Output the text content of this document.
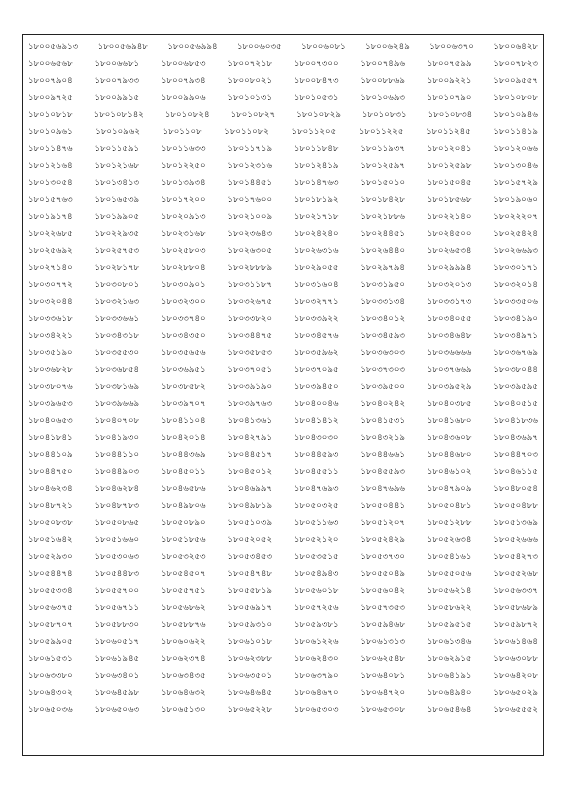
১৮০০৫৬৯১৩ ১৮০০৫৬৯৪৮ ১৮০০৫৬৯৯৪ ১৮০০৬০৩৫ ১৮০০৬০৮১ ১৮০০৬২৪৯ ১৮০০৬৩৭০ ১৮০০৬৪২৮
১৮০০৬৫৬৮	১৮০০৬৬৮১	১৮০০৬৮৫৩	১৮০০৭২১৮	১৮০০৭৩০০	১৮০০৭৪৯৬	১৮০০৭৫৯৯	১৮০০৭৮২৩
১৮০০৭৯০৪	১৮০০৭৯৩৩	১৮০০৭৯৩৪	১৮০০৮০২১	১৮০০৮৪৭৩	১৮০০৮৮৬৯	১৮০০৯২২১	১৮০০৯৫৫৭
১৮০০৯৭২৫	১৮০০৯৯১৫	১৮০০৯৯০৬	১৮০১০১৩১	১৮০১০৫৩১	১৮০১০৬৯৩	১৮০১০৭৯০	১৮০১০৮০৮
১৮০১০৮১৮ ১৮০১০৮১৪২ ১৮০১০৮২৪ ১৮০১০৮২৭ ১৮০১০৮২৯ ১৮০১০৮৩১ ১৮০১০৮৩৪ ১৮০১০৯৪৬
১৮০১০৯৬১	১৮০১০৯৬২	১৮০১১০৮	১৮০১১০৮২	১৮০১১২০৫	১৮০১১২২৫	১৮০১১২৪৫	১৮০১১৪১৯
১৮০১১৪৭৬	১৮০১১৫৯১	১৮০১১৬৩৩	১৮০১১৭১৯	১৮০১১৮৪৮	১৮০১১৯৩৭	১৮০১২০৪১	১৮০১২০৬৬
১৮০১২১৬৪	১৮০১২১৬৮	১৮০১২২৫০	১৮০১২৩১৬	১৮০১২৪১৯	১৮০১২৫৯৭	১৮০১২৫৯৮	১৮০১৩০৪৬
১৮০১৩০৫৪	১৮০১৩৪১৩	১৮০১৩৯৩৪	১৮০১৪৪৫১	১৮০১৪৭৬৩	১৮০১৫০১০	১৮০১৫০৪৫	১৮০১৫৭২৯
১৮০১৫৭৬৩	১৮০১৬৫৩৯	১৮০১৭২০০	১৮০১৭৬০০	১৮০১৮১৯২	১৮০১৮৪২৮	১৮০১৮৫৬৮	১৮০১৯০৬০
১৮০১৯১৭৪	১৮০১৯৯০৫	১৮০২০৯১৩	১৮০২১০০৯	১৮০২১৭১৮	১৮০২১৮৮৬	১৮০২২১৪০	১৮০২২২০৭
১৮০২২৬৮৫	১৮০২২৯৩৫	১৮০২৩১৬৮	১৮০২৩৬৪৩	১৮০২৪২৪০	১৮০২৪৪৫১	১৮০২৪৫০০	১৮০২৫৪২৪
১৮০২৫৬৯২	১৮০২৫৭৫৩	১৮০২৫৮০৩	১৮০২৬৩০৫	১৮০২৬৩১৬	১৮০২৬৪৪০	১৮০২৬৫৩৪	১৮০২৬৬৯৩
১৮০২৭১৪০	১৮০২৮১৭৮	১৮০২৮৮০৪	১৮০২৮৮৮৯	১৮০২৯০৫৫	১৮০২৯৭৯৪	১৮০২৯৯৯৪	১৮০৩০১৭১
১৮০৩০৭৭২	১৮০৩০৮০১	১৮০৩০৯০১	১৮০৩১১৮৭	১৮০৩১৬০৪	১৮০৩১৯৫০	১৮০৩২০১৩	১৮০৩২০১৪
১৮০৩২০৪৪	১৮০৩২১৬৩	১৮০৩২৩০০	১৮০৩২৬৭৫	১৮০৩২৭৭১	১৮০৩৩১৩৪	১৮০৩৩১৭৩	১৮০৩৩৫০৬
১৮০৩৩৬১৮	১৮০৩৩৬৬১	১৮০৩৩৭৪০	১৮০৩৩৮২০	১৮০৩৩৯২২	১৮০৩৪০১২	১৮০৩৪০৫৫	১৮০৩৪১৯০
১৮০৩৪২২১	১৮০৩৪৩১৮	১৮০৩৪৩৫০	১৮০৩৪৪৭৫	১৮০৩৪৫৭৬	১৮০৩৪৫৯৩	১৮০৩৪৬৪৮	১৮০৩৪৯৭১
১৮০৩৫১৯০	১৮০৩৫৫৩০	১৮০৩৫৬৫৬	১৮০৩৫৮৫৩	১৮০৩৫৯৬২	১৮০৩৬৩০৩	১৮০৩৬৬৬৬	১৮০৩৬৭৬৯
১৮০৩৬৮২৮	১৮০৩৬৮৫৪	১৮০৩৬৯৫১	১৮০৩৭০৫১	১৮০৩৭০৯৫	১৮০৩৭৩০৩	১৮০৩৭৬৬৯	১৮০৩৮০৪৪
১৮০৩৮০৭৬	১৮০৩৮১৬৯	১৮০৩৮৫৮২	১৮০৩৯১৯০	১৮০৩৯৪৫০	১৮০৩৯৫০০	১৮০৩৯৫২৯	১৮০৩৯৫৯৫
১৮০৩৯৬৫৩	১৮০৩৯৬৬৯	১৮০৩৯৭০৭	১৮০৩৯৭৬৩	১৮০৪০০৪৬	১৮০৪০২৪২	১৮০৪০৩৮৫	১৮০৪০৫১৫
১৮০৪০৬৫৩	১৮০৪০৭০৮	১৮০৪১১০৪	১৮০৪১৩৬১	১৮০৪১৪১২	১৮০৪১৫৩১	১৮০৪১৬৮০	১৮০৪১৮৩৬
১৮০৪১৮৪১	১৮০৪১৯৩০	১৮০৪২০১৪	১৮০৪২৭৯১	১৮০৪৩০৩০	১৮০৪৩২১৯	১৮০৪৩৬০৮	১৮০৪৩৬৯৭
১৮০৪৪১০৯	১৮০৪৪১১০	১৮০৪৪৩৬৯	১৮০৪৪৫১৭	১৮০৪৪৫৯৩	১৮০৪৪৬৬১	১৮০৪৪৬৮০	১৮০৪৪৭০৩
১৮০৪৪৭৫০	১৮০৪৪৯০৩	১৮০৪৫০১১	১৮০৪৫০১২	১৮০৪৫৫১১	১৮০৪৫৫৯৩	১৮০৪৬১০২	১৮০৪৬১১৫
১৮০৪৬২৩৪	১৮০৪৬২৮৪	১৮০৪৬৫৮৬	১৮০৪৬৯৯৭	১৮০৪৭৬৯৩	১৮০৪৭৬৯৬	১৮০৪৭৯০৯	১৮০৪৮০৫৪
১৮০৪৮৭২১	১৮০৪৮৭৮৩	১৮০৪৯৮০৬	১৮০৪৯৮১৯	১৮০৫০৩২৫	১৮০৫০৪৪১	১৮০৫০৪৮১	১৮০৫০৪৮৮
১৮০৫০৮৩৮	১৮০৫০৮৬৫	১৮০৫০৮৯০	১৮০৫১০৩৯	১৮০৫১১৬৩	১৮০৫১২০৭	১৮০৫১২৮৮	১৮০৫১৩৬৯
১৮০৫১৬৪২	১৮০৫১৬৬০	১৮০৫১৮৫৬	১৮০৫২০৫২	১৮০৫২১২০	১৮০৫২৪২৯	১৮০৫২৬৩৪	১৮০৫২৬৬৬
১৮০৫২৯৩০	১৮০৫৩০৬৩	১৮০৫৩২৫৩	১৮০৫৩৪৫৩	১৮০৫৩৫১৫	১৮০৫৩৭৩০	১৮০৫৪১৬১	১৮০৫৪২৭৩
১৮০৫৪৪৭৪	১৮০৫৪৪৮৩	১৮০৫৪৫০৭	১৮০৫৪৭৪৮	১৮০৫৪৯৪৩	১৮০৫৫০৪৯	১৮০৫৫০৫৬	১৮০৫৫২৬৮
১৮০৫৫৩৩৪	১৮০৫৫৭০০	১৮০৫৫৭৫১	১৮০৫৫৮১৯	১৮০৫৬০১৮	১৮০৫৬০৪২	১৮০৫৬২১৪	১৮০৫৬৩৩৭
১৮০৫৬৩৭৫	১৮০৫৬৭১১	১৮০৫৬৮৬২	১৮০৫৬৯১৭	১৮০৫৭২৫৬	১৮০৫৭৩৫৩	১৮০৫৮৬২২	১৮০৫৮৬৮৯
১৮০৫৮৭০৭	১৮০৫৮৮৩০	১৮০৫৮৮৭৬	১৮০৫৯৩১০	১৮০৫৯৩৮১	১৮০৫৯৪৬৮	১৮০৫৯৫১৫	১৮০৫৯৮৭২
১৮০৫৯৯০৫	১৮০৬০৫১৭	১৮০৬০৬২২	১৮০৬১০১৮	১৮০৬১২২৬	১৮০৬১৩১৩	১৮০৬১৩৪৬	১৮০৬১৪৬৪
১৮০৬১৫৩১	১৮০৬১৯৪৫	১৮০৬২৩৭৪	১৮০৬২৩৮৮	১৮০৬২৪৩০	১৮০৬২৫৪৮	১৮০৬২৯১৫	১৮০৬৩০৮৮
১৮০৬৩৩৮০	১৮০৬৩৪০১	১৮০৬৩৪৩৫	১৮০৬৩৫০১	১৮০৬৩৭৯০	১৮০৬৪০৮১	১৮০৬৪১৯১	১৮০৬৪২০৮
১৮০৬৪৩০২	১৮০৬৪৫৯৮	১৮০৬৪৬৩২	১৮০৬৪৬৪৫	১৮০৬৪৬৭০	১৮০৬৪৭২০	১৮০৬৪৯৪০	১৮০৬৫০২৯
১৮০৬৫০৩৬	১৮০৬৫০৬৩	১৮০৬৫১৩০	১৮০৬৫২২৮	১৮০৬৫৩০৩	১৮০৬৫৩০৮	১৮০৬৫৪৬৪	১৮০৬৫৫৫২
